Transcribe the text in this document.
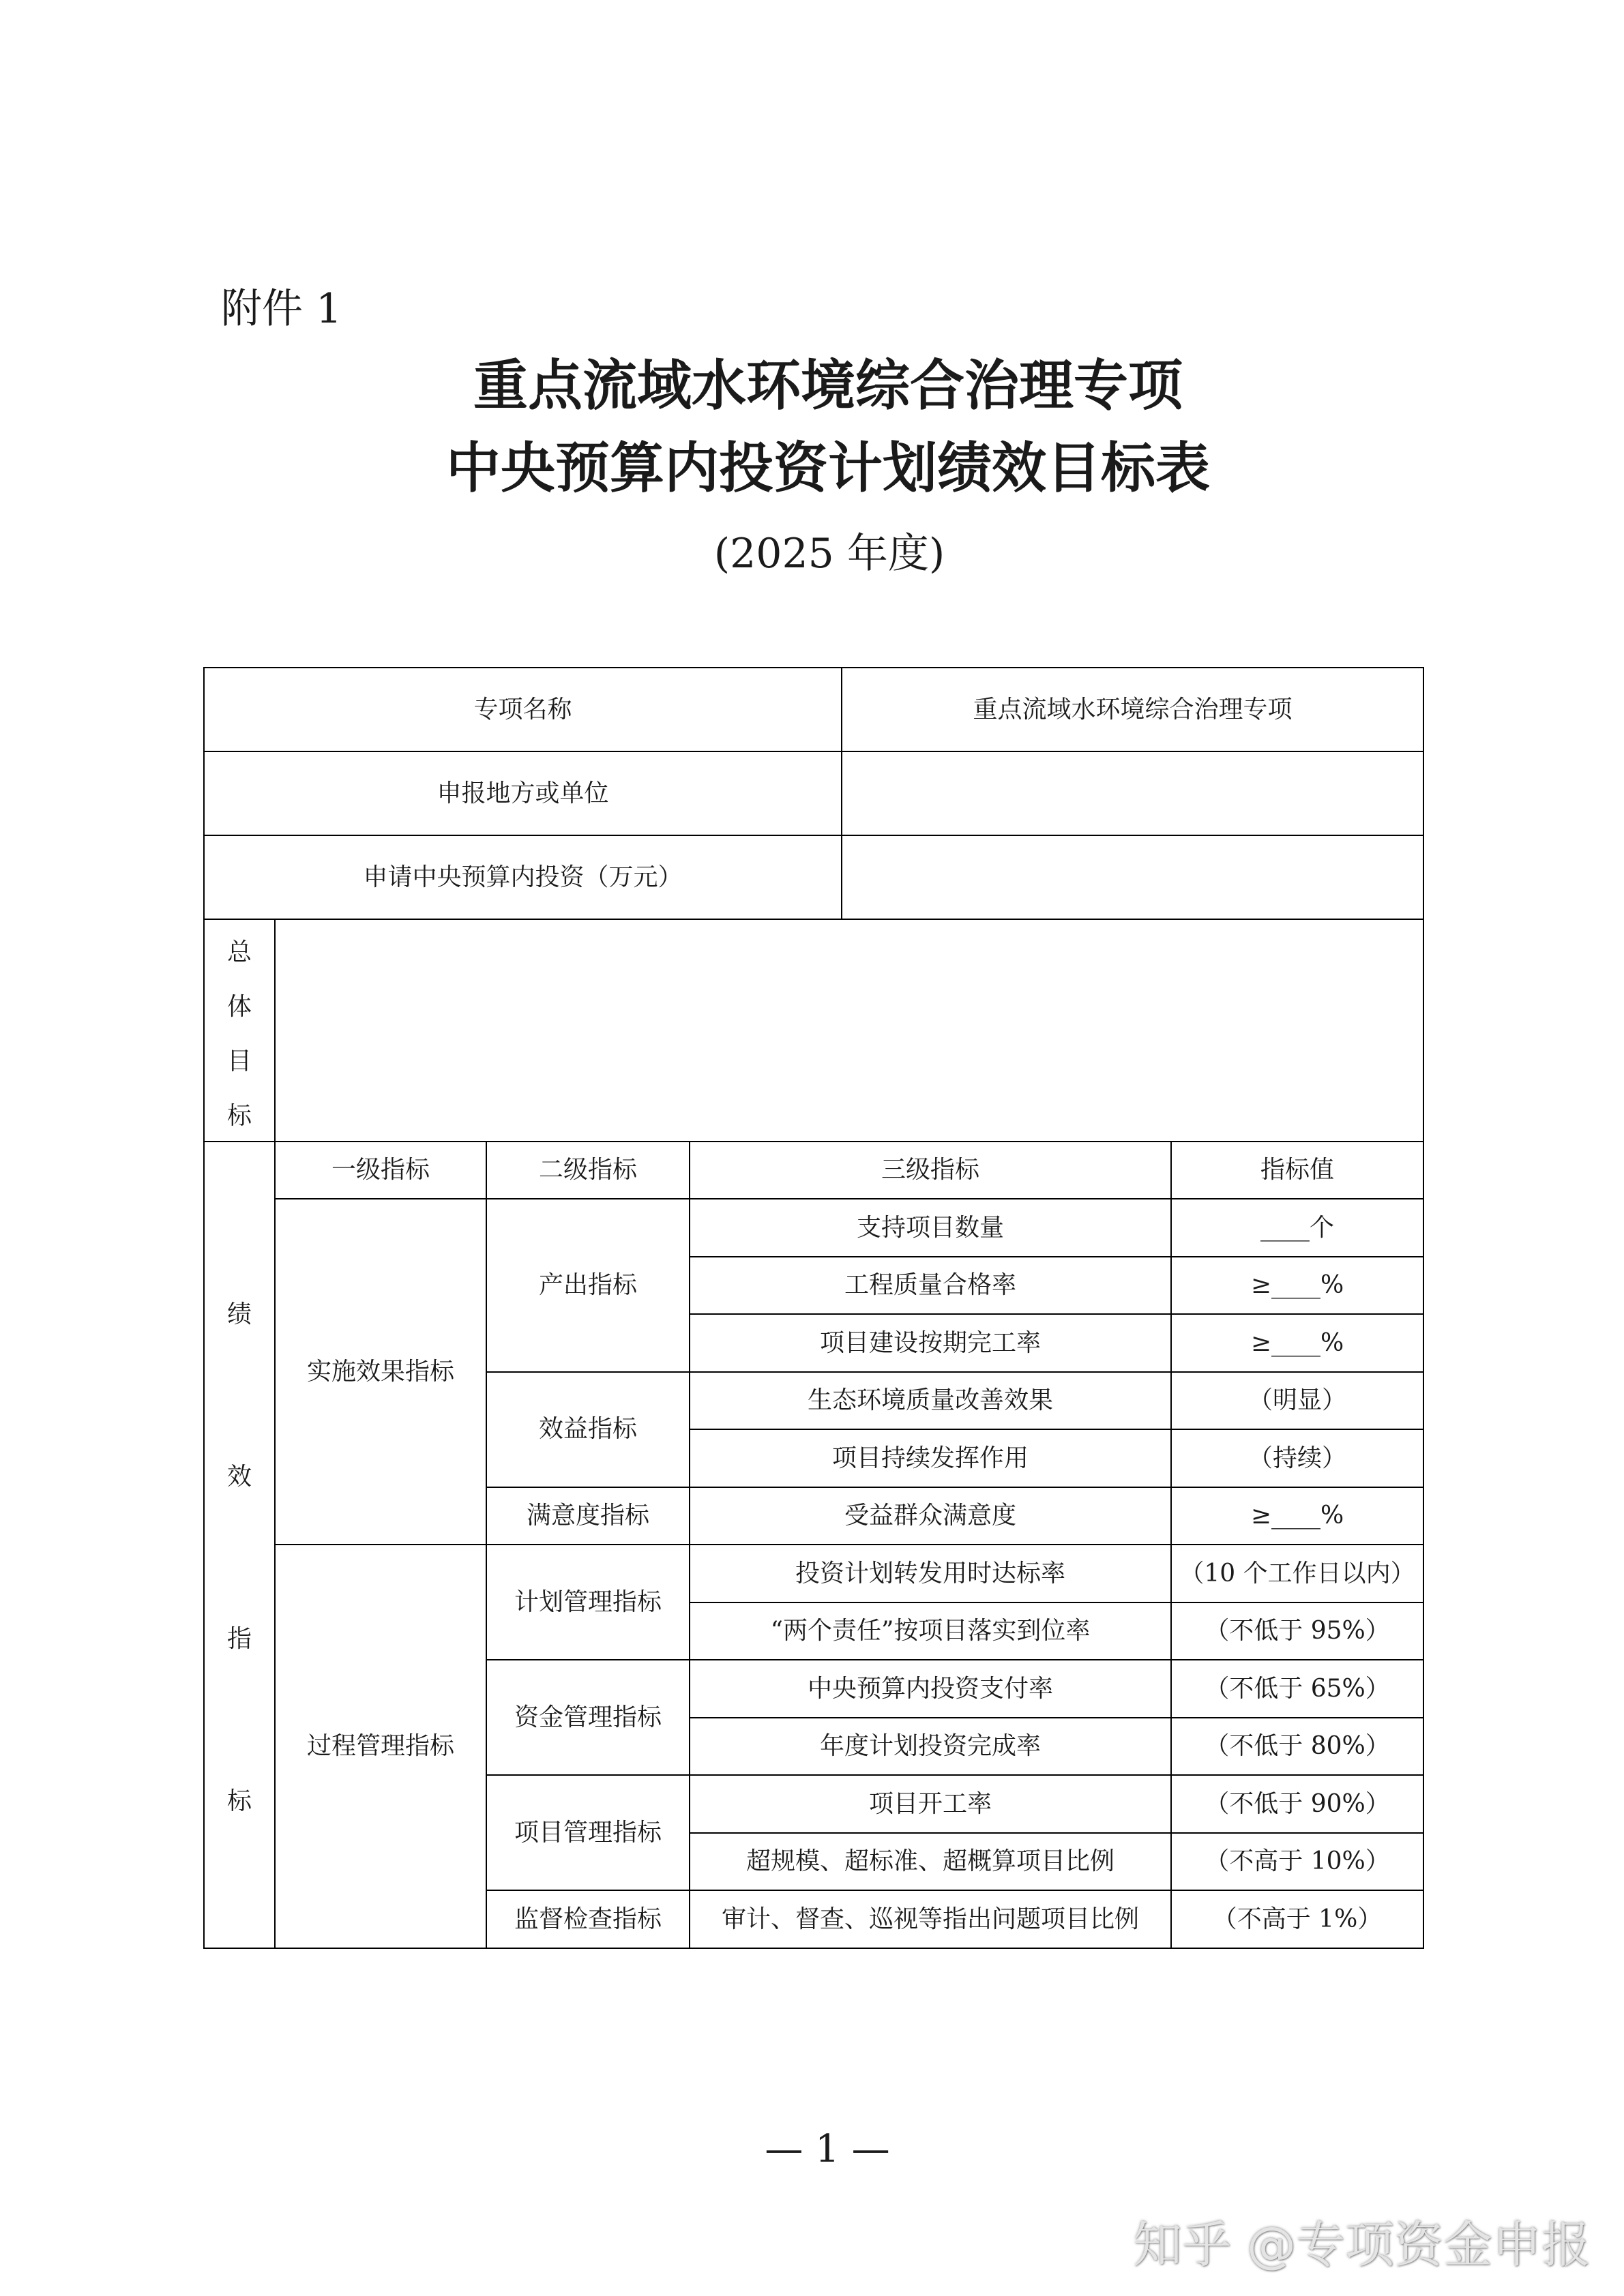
附件 1
重点流域水环境综合治理专项
中央预算内投资计划绩效目标表
(2025 年度)
专项名称				重点流域水环境综合治理专项	
申报地方或单位					
申请中央预算内投资（万元）					

总体目标					

绩效指标	一级指标	二级指标	三级指标		指标值
	实施效果指标	产出指标	支持项目数量		____个
			工程质量合格率		≥____%
			项目建设按期完工率		≥____%
		效益指标	生态环境质量改善效果		（明显）
			项目持续发挥作用		（持续）
		满意度指标	受益群众满意度		≥____%
	过程管理指标	计划管理指标	投资计划转发用时达标率		（10 个工作日以内）
			“两个责任”按项目落实到位率		（不低于 95%）
		资金管理指标	中央预算内投资支付率		（不低于 65%）
			年度计划投资完成率		（不低于 80%）
		项目管理指标	项目开工率		（不低于 90%）
			超规模、超标准、超概算项目比例		（不高于 10%）
		监督检查指标	审计、督查、巡视等指出问题项目比例		（不高于 1%）
— 1 —
知乎 @专项资金申报
